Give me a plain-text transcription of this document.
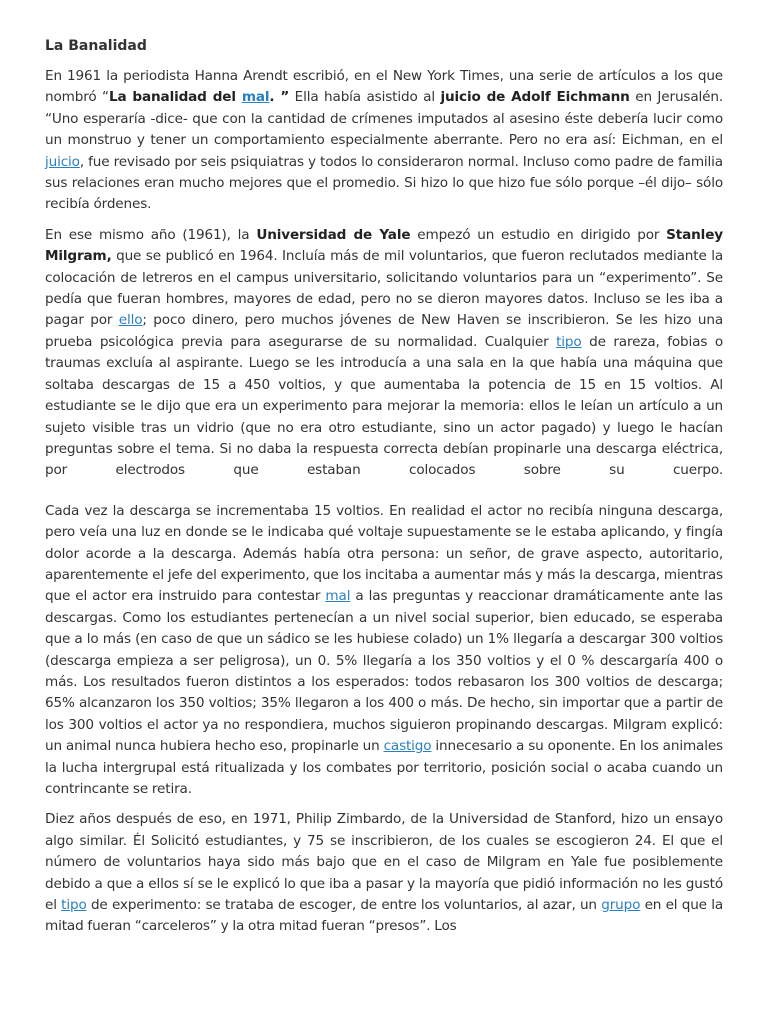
La Banalidad

En 1961 la periodista Hanna Arendt escribió, en el New York Times, una serie de artículos a los que nombró “La banalidad del mal. ” Ella había asistido al juicio de Adolf Eichmann en Jerusalén. “Uno esperaría -dice- que con la cantidad de crímenes imputados al asesino éste debería lucir como un monstruo y tener un comportamiento especialmente aberrante. Pero no era así: Eichman, en el juicio, fue revisado por seis psiquiatras y todos lo consideraron normal. Incluso como padre de familia sus relaciones eran mucho mejores que el promedio. Si hizo lo que hizo fue sólo porque –él dijo– sólo recibía órdenes.

En ese mismo año (1961), la Universidad de Yale empezó un estudio en dirigido por Stanley Milgram, que se publicó en 1964. Incluía más de mil voluntarios, que fueron reclutados mediante la colocación de letreros en el campus universitario, solicitando voluntarios para un “experimento”. Se pedía que fueran hombres, mayores de edad, pero no se dieron mayores datos. Incluso se les iba a pagar por ello; poco dinero, pero muchos jóvenes de New Haven se inscribieron. Se les hizo una prueba psicológica previa para asegurarse de su normalidad. Cualquier tipo de rareza, fobias o traumas excluía al aspirante. Luego se les introducía a una sala en la que había una máquina que soltaba descargas de 15 a 450 voltios, y que aumentaba la potencia de 15 en 15 voltios. Al estudiante se le dijo que era un experimento para mejorar la memoria: ellos le leían un artículo a un sujeto visible tras un vidrio (que no era otro estudiante, sino un actor pagado) y luego le hacían preguntas sobre el tema. Si no daba la respuesta correcta debían propinarle una descarga eléctrica, por electrodos que estaban colocados sobre su cuerpo.

Cada vez la descarga se incrementaba 15 voltios. En realidad el actor no recibía ninguna descarga, pero veía una luz en donde se le indicaba qué voltaje supuestamente se le estaba aplicando, y fingía dolor acorde a la descarga. Además había otra persona: un señor, de grave aspecto, autoritario, aparentemente el jefe del experimento, que los incitaba a aumentar más y más la descarga, mientras que el actor era instruido para contestar mal a las preguntas y reaccionar dramáticamente ante las descargas. Como los estudiantes pertenecían a un nivel social superior, bien educado, se esperaba que a lo más (en caso de que un sádico se les hubiese colado) un 1% llegaría a descargar 300 voltios (descarga empieza a ser peligrosa), un 0. 5% llegaría a los 350 voltios y el 0 % descargaría 400 o más. Los resultados fueron distintos a los esperados: todos rebasaron los 300 voltios de descarga; 65% alcanzaron los 350 voltios; 35% llegaron a los 400 o más. De hecho, sin importar que a partir de los 300 voltios el actor ya no respondiera, muchos siguieron propinando descargas. Milgram explicó: un animal nunca hubiera hecho eso, propinarle un castigo innecesario a su oponente. En los animales la lucha intergrupal está ritualizada y los combates por territorio, posición social o acaba cuando un contrincante se retira.

Diez años después de eso, en 1971, Philip Zimbardo, de la Universidad de Stanford, hizo un ensayo algo similar. Él Solicitó estudiantes, y 75 se inscribieron, de los cuales se escogieron 24. El que el número de voluntarios haya sido más bajo que en el caso de Milgram en Yale fue posiblemente debido a que a ellos sí se le explicó lo que iba a pasar y la mayoría que pidió información no les gustó el tipo de experimento: se trataba de escoger, de entre los voluntarios, al azar, un grupo en el que la mitad fueran “carceleros” y la otra mitad fueran “presos”. Los
